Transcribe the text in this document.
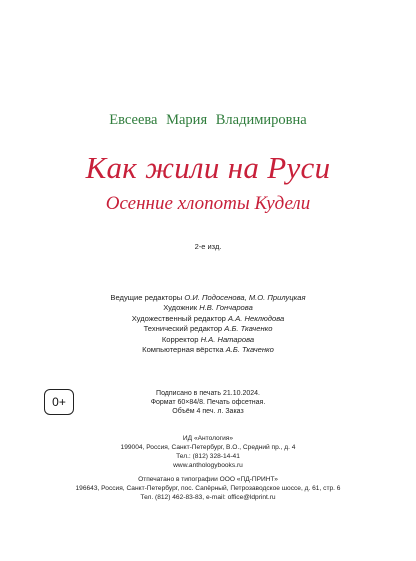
Евсеева Мария Владимировна
Как жили на Руси
Осенние хлопоты Кудели
2-е изд.
Ведущие редакторы О.И. Подосенова, М.О. Прилуцкая
Художник Н.В. Гончарова
Художественный редактор А.А. Неклюдова
Технический редактор А.Б. Ткаченко
Корректор Н.А. Натарова
Компьютерная вёрстка А.Б. Ткаченко
0+
Подписано в печать 21.10.2024.
Формат 60×84/8. Печать офсетная.
Объём 4 печ. л. Заказ
ИД «Антология»
199004, Россия, Санкт-Петербург, В.О., Средний пр., д. 4
Тел.: (812) 328-14-41
www.anthologybooks.ru
Отпечатано в типографии ООО «ПД-ПРИНТ»
196643, Россия, Санкт-Петербург, пос. Сапёрный, Петрозаводское шоссе, д. 61, стр. 6
Тел. (812) 462-83-83, e-mail: office@ldprint.ru
